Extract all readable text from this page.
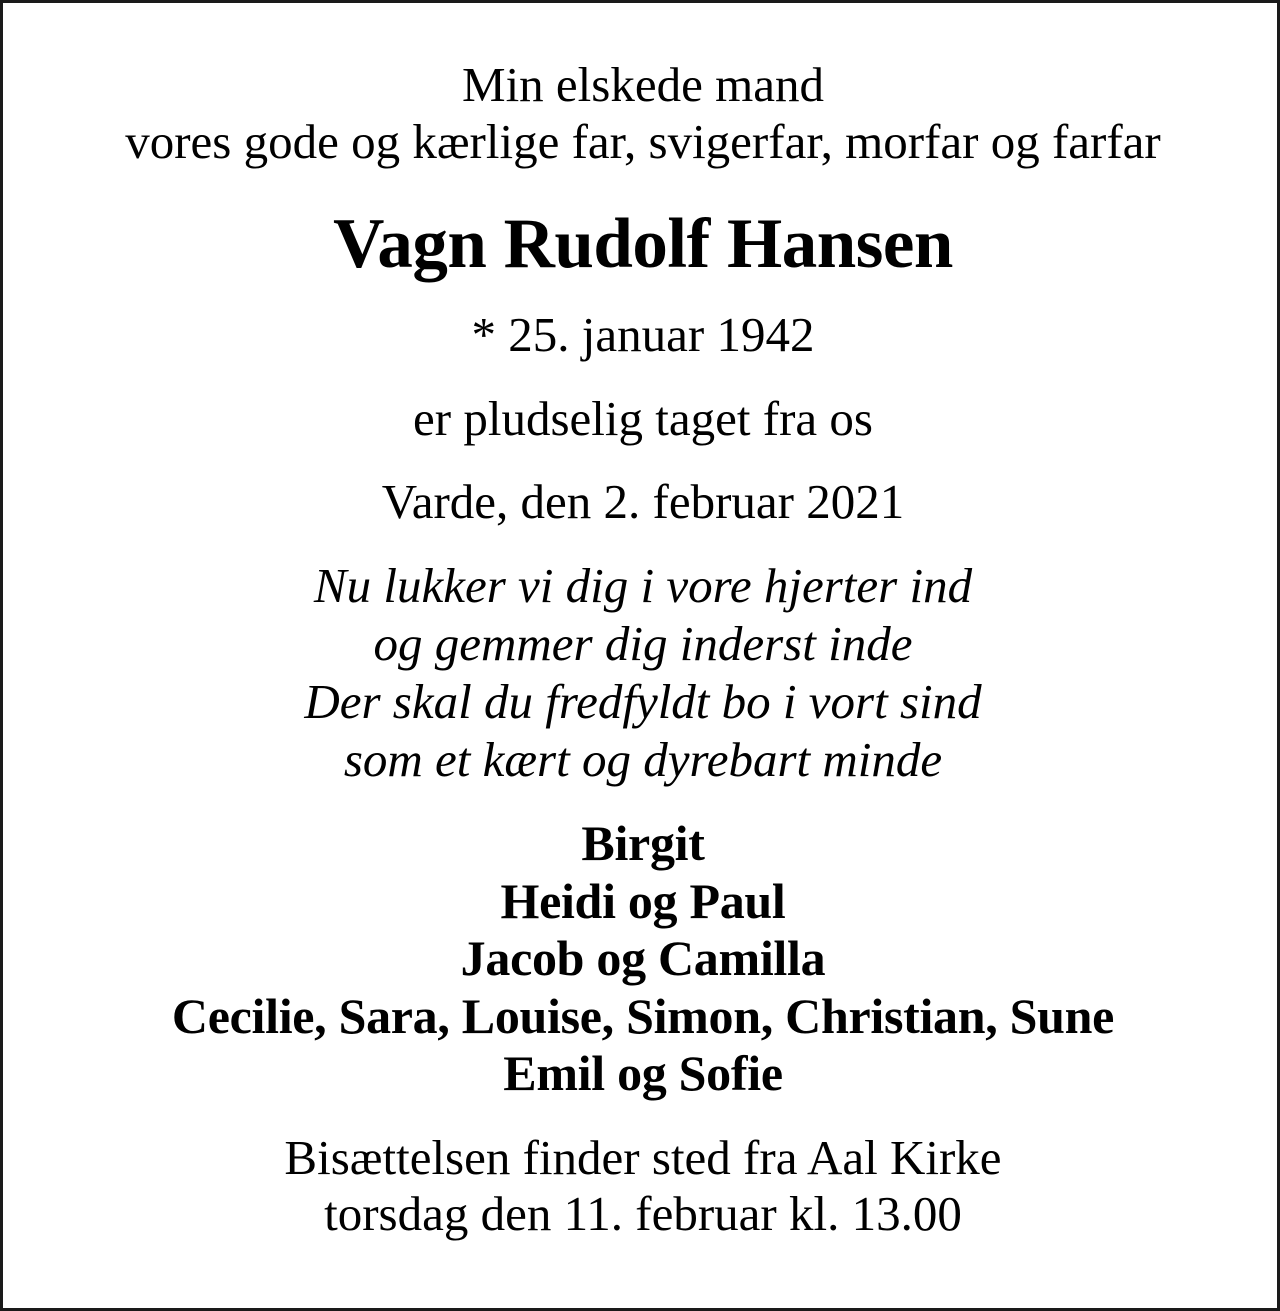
Min elskede mand
vores gode og kærlige far, svigerfar, morfar og farfar
Vagn Rudolf Hansen
* 25. januar 1942
er pludselig taget fra os
Varde, den 2. februar 2021
Nu lukker vi dig i vore hjerter ind
og gemmer dig inderst inde
Der skal du fredfyldt bo i vort sind
som et kært og dyrebart minde
Birgit
Heidi og Paul
Jacob og Camilla
Cecilie, Sara, Louise, Simon, Christian, Sune
Emil og Sofie
Bisættelsen finder sted fra Aal Kirke
torsdag den 11. februar kl. 13.00
